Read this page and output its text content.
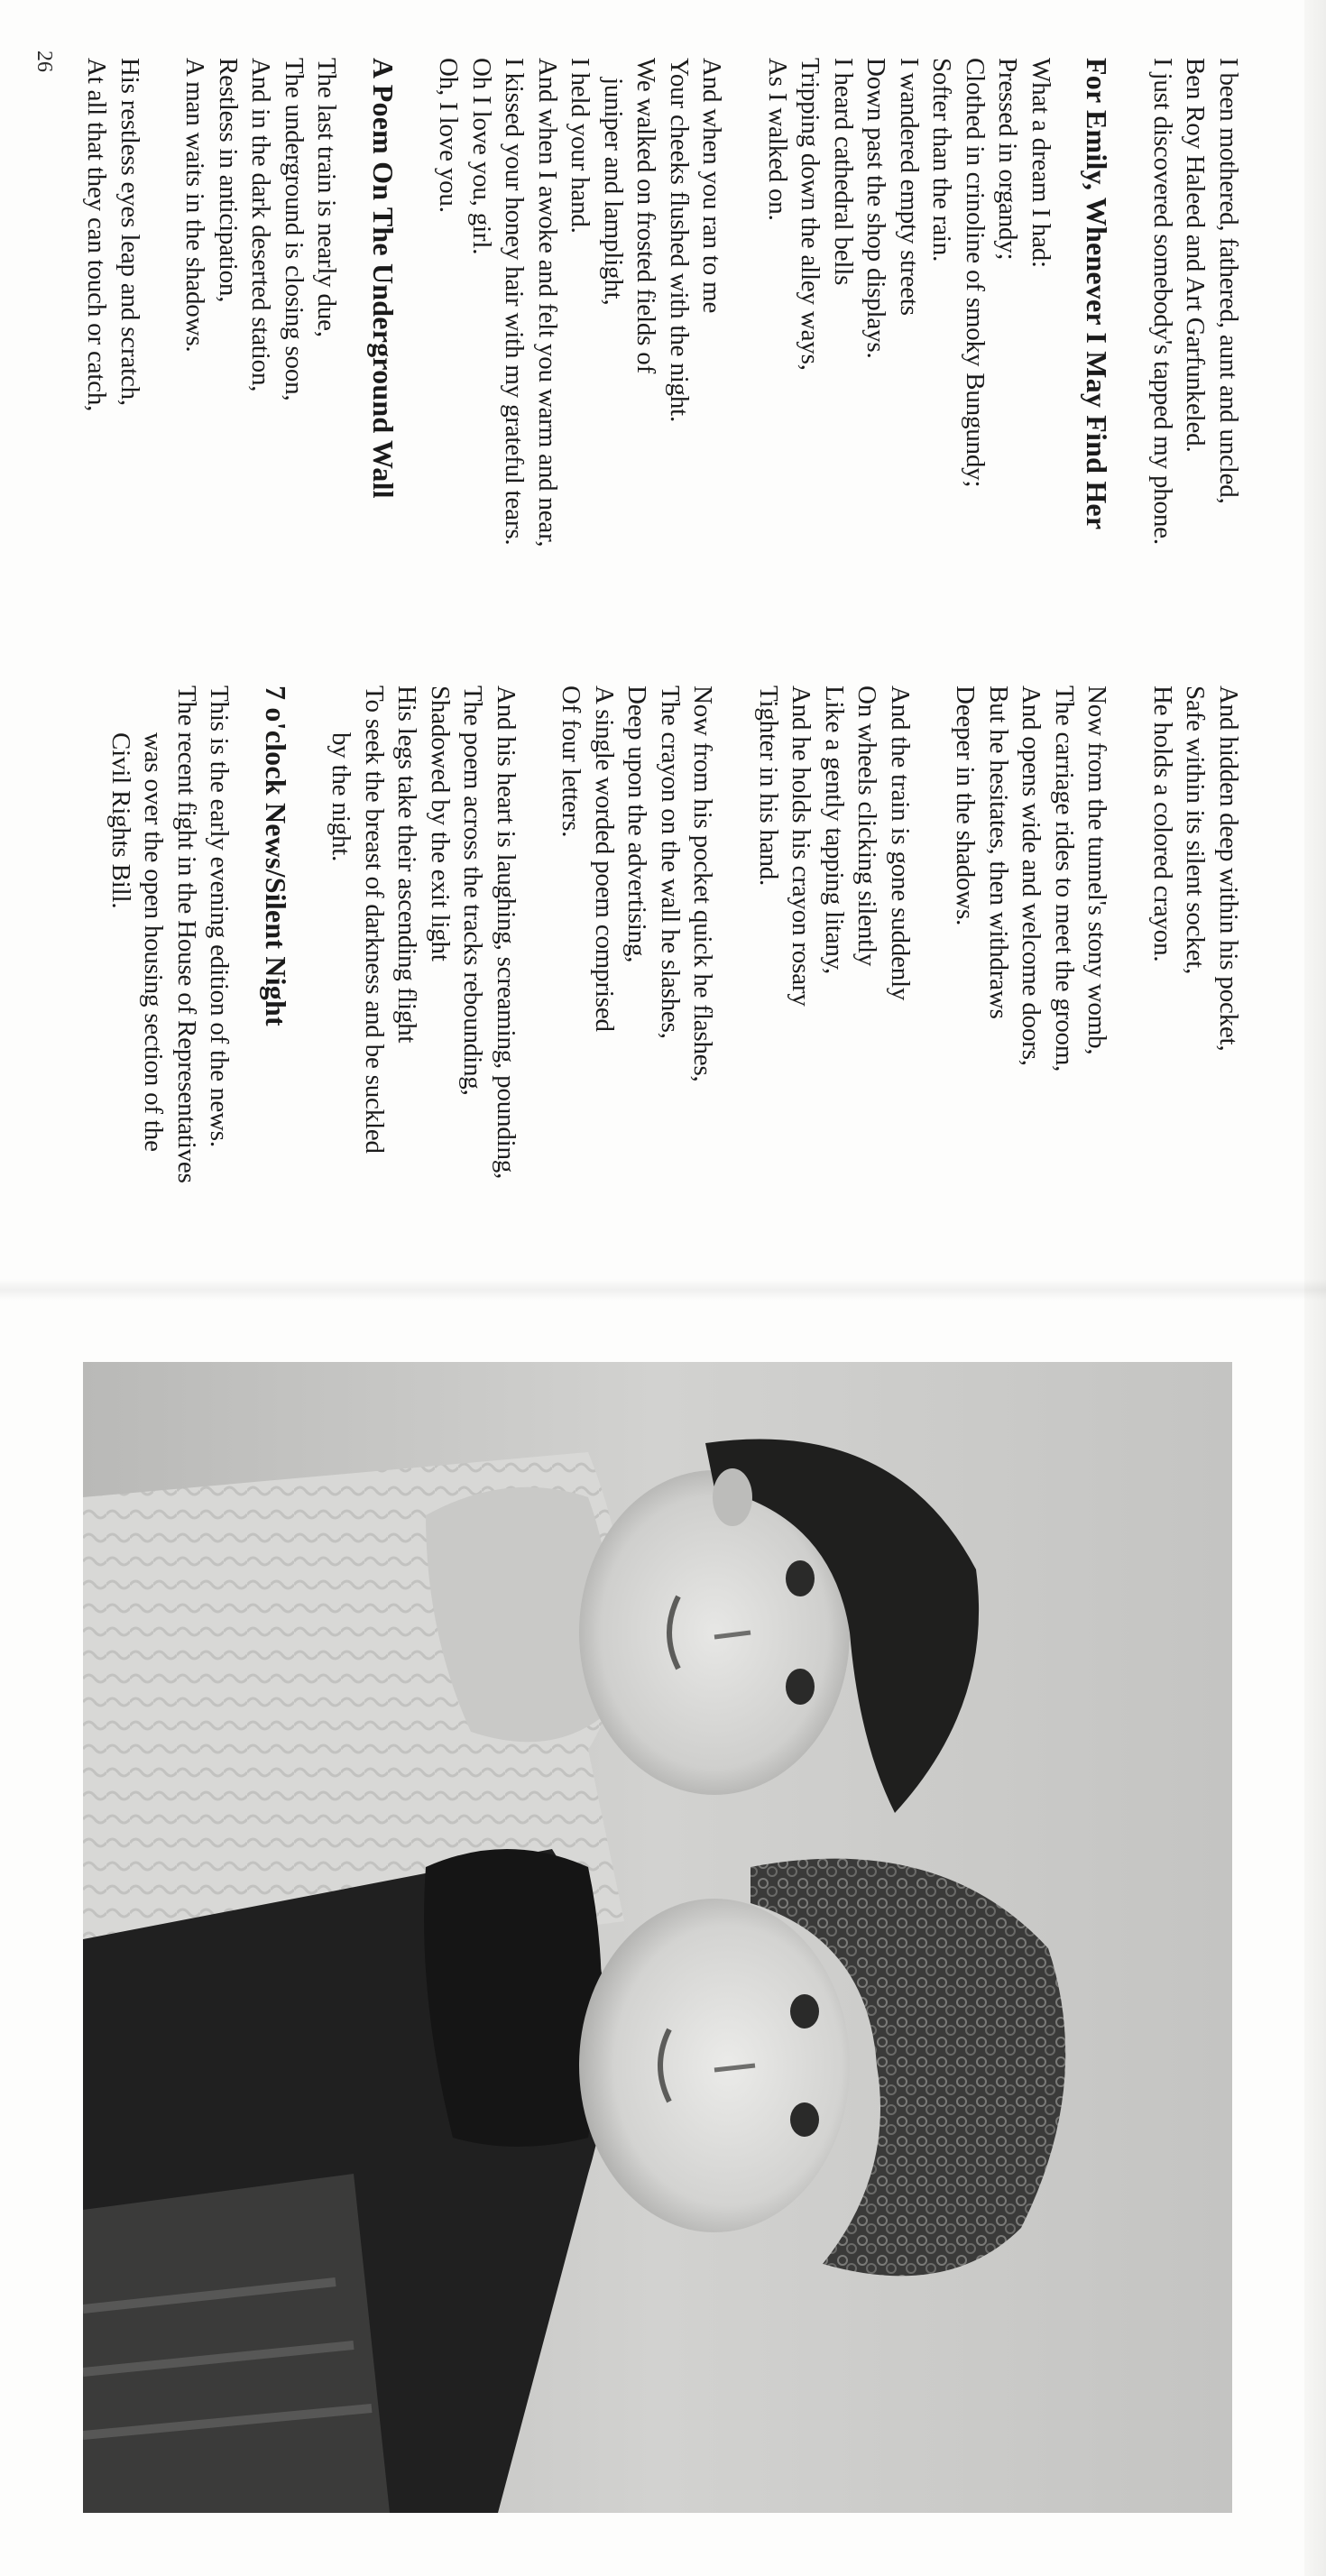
I been mothered, fathered, aunt and uncled,
Ben Roy Haleed and Art Garfunkeled.
I just discovered somebody's tapped my phone.
For Emily, Whenever I May Find Her
What a dream I had:
Pressed in organdy;
Clothed in crinoline of smoky Bungundy;
Softer than the rain.
I wandered empty streets
Down past the shop displays.
I heard cathedral bells
Tripping down the alley ways,
As I walked on.
And when you ran to me
Your cheeks flushed with the night.
We walked on frosted fields of
juniper and lamplight,
I held your hand.
And when I awoke and felt you warm and near,
I kissed your honey hair with my grateful tears.
Oh I love you, girl.
Oh, I love you.
A Poem On The Underground Wall
The last train is nearly due,
The underground is closing soon,
And in the dark deserted station,
Restless in anticipation,
A man waits in the shadows.
His restless eyes leap and scratch,
At all that they can touch or catch,
And hidden deep within his pocket,
Safe within its silent socket,
He holds a colored crayon.
Now from the tunnel's stony womb,
The carriage rides to meet the groom,
And opens wide and welcome doors,
But he hesitates, then withdraws
Deeper in the shadows.
And the train is gone suddenly
On wheels clicking silently
Like a gently tapping litany,
And he holds his crayon rosary
Tighter in his hand.
Now from his pocket quick he flashes,
The crayon on the wall he slashes,
Deep upon the advertising,
A single worded poem comprised
Of four letters.
And his heart is laughing, screaming, pounding,
The poem across the tracks rebounding,
Shadowed by the exit light
His legs take their ascending flight
To seek the breast of darkness and be suckled
by the night.
7 o'clock News/Silent Night
This is the early evening edition of the news.
The recent fight in the House of Representatives
was over the open housing section of the
Civil Rights Bill.
26
